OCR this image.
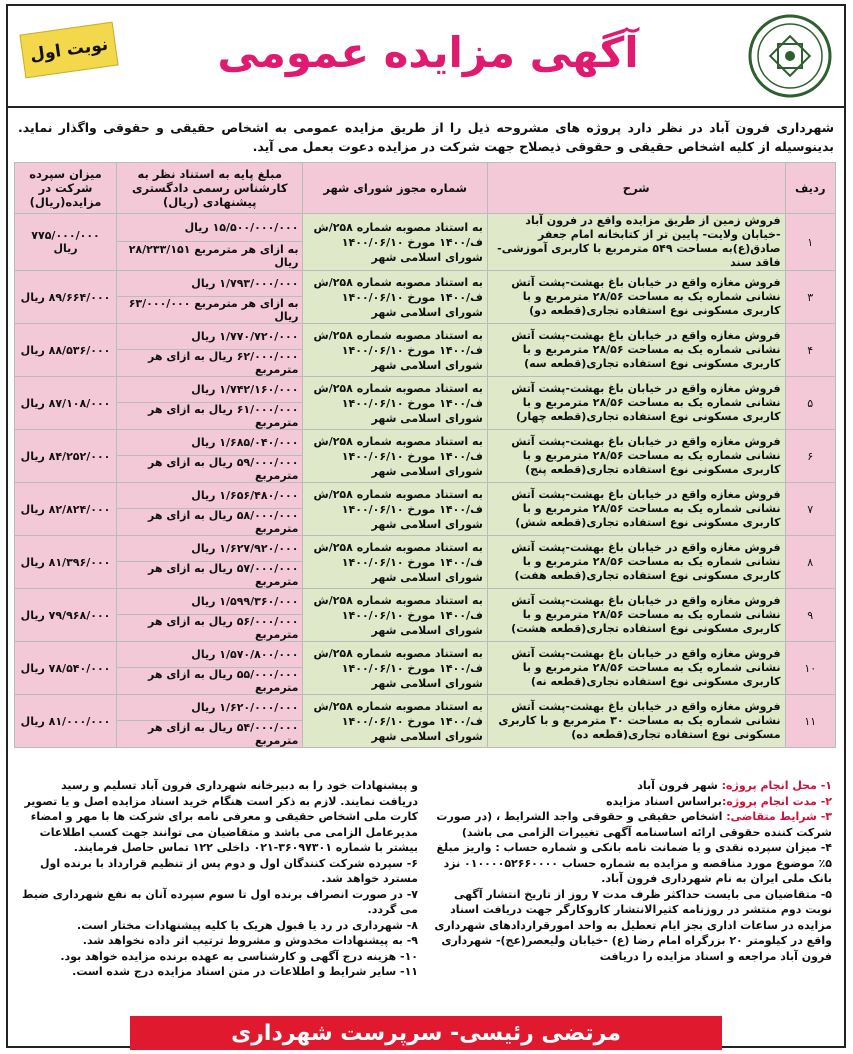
آگهی مزایده عمومی
نوبت اول
شهرداری فرون آباد در نظر دارد پروژه های مشروحه ذیل را از طریق مزایده عمومی به اشخاص حقیقی و حقوقی واگذار نماید. بدینوسیله از کلیه اشخاص حقیقی و حقوقی ذیصلاح جهت شرکت در مزایده دعوت بعمل می آید.
ردیف	شرح	شماره مجوز شورای شهر	مبلغ پایه به استناد نظر به کارشناس رسمی دادگستری پیشنهادی (ریال)	میزان سپرده شرکت در مزایده(ریال)
۱	فروش زمین از طریق مزایده واقع در فرون آباد -خیابان ولایت- پایین تر از کتابخانه امام جعفر صادق(ع)به مساحت ۵۴۹ مترمربع با کاربری آموزشی-فاقد سند	به استناد مصوبه شماره ۲۵۸/ش ف/۱۴۰۰ مورخ ۱۴۰۰/۰۶/۱۰ شورای اسلامی شهر	۱۵/۵۰۰/۰۰۰/۰۰۰ ریال	۷۷۵/۰۰۰/۰۰۰ ریال
			به ازای هر مترمربع ۲۸/۲۳۳/۱۵۱ ریال	
۳	فروش مغازه واقع در خیابان باغ بهشت-پشت آتش نشانی شماره یک به مساحت ۲۸/۵۶ مترمربع و با کاربری مسکونی نوع استفاده تجاری(قطعه دو)	به استناد مصوبه شماره ۲۵۸/ش ف/۱۴۰۰ مورخ ۱۴۰۰/۰۶/۱۰ شورای اسلامی شهر	۱/۷۹۳/۰۰۰/۰۰۰ ریال	۸۹/۶۶۴/۰۰۰ ریال
			به ازای هر مترمربع ۶۳/۰۰۰/۰۰۰ ریال	
۴	فروش مغازه واقع در خیابان باغ بهشت-پشت آتش نشانی شماره یک به مساحت ۲۸/۵۶ مترمربع و با کاربری مسکونی نوع استفاده تجاری(قطعه سه)	به استناد مصوبه شماره ۲۵۸/ش ف/۱۴۰۰ مورخ ۱۴۰۰/۰۶/۱۰ شورای اسلامی شهر	۱/۷۷۰/۷۲۰/۰۰۰ ریال	۸۸/۵۳۶/۰۰۰ ریال
			۶۲/۰۰۰/۰۰۰ ریال به ازای هر مترمربع	
۵	فروش مغازه واقع در خیابان باغ بهشت-پشت آتش نشانی شماره یک به مساحت ۲۸/۵۶ مترمربع و با کاربری مسکونی نوع استفاده تجاری(قطعه چهار)	به استناد مصوبه شماره ۲۵۸/ش ف/۱۴۰۰ مورخ ۱۴۰۰/۰۶/۱۰ شورای اسلامی شهر	۱/۷۴۲/۱۶۰/۰۰۰ ریال	۸۷/۱۰۸/۰۰۰ ریال
			۶۱/۰۰۰/۰۰۰ ریال به ازای هر مترمربع	
۶	فروش مغازه واقع در خیابان باغ بهشت-پشت آتش نشانی شماره یک به مساحت ۲۸/۵۶ مترمربع و با کاربری مسکونی نوع استفاده تجاری(قطعه پنج)	به استناد مصوبه شماره ۲۵۸/ش ف/۱۴۰۰ مورخ ۱۴۰۰/۰۶/۱۰ شورای اسلامی شهر	۱/۶۸۵/۰۴۰/۰۰۰ ریال	۸۴/۲۵۲/۰۰۰ ریال
			۵۹/۰۰۰/۰۰۰ ریال به ازای هر مترمربع	
۷	فروش مغازه واقع در خیابان باغ بهشت-پشت آتش نشانی شماره یک به مساحت ۲۸/۵۶ مترمربع و با کاربری مسکونی نوع استفاده تجاری(قطعه شش)	به استناد مصوبه شماره ۲۵۸/ش ف/۱۴۰۰ مورخ ۱۴۰۰/۰۶/۱۰ شورای اسلامی شهر	۱/۶۵۶/۴۸۰/۰۰۰ ریال	۸۲/۸۲۴/۰۰۰ ریال
			۵۸/۰۰۰/۰۰۰ ریال به ازای هر مترمربع	
۸	فروش مغازه واقع در خیابان باغ بهشت-پشت آتش نشانی شماره یک به مساحت ۲۸/۵۶ مترمربع و با کاربری مسکونی نوع استفاده تجاری(قطعه هفت)	به استناد مصوبه شماره ۲۵۸/ش ف/۱۴۰۰ مورخ ۱۴۰۰/۰۶/۱۰ شورای اسلامی شهر	۱/۶۲۷/۹۲۰/۰۰۰ ریال	۸۱/۳۹۶/۰۰۰ ریال
			۵۷/۰۰۰/۰۰۰ ریال به ازای هر مترمربع	
۹	فروش مغازه واقع در خیابان باغ بهشت-پشت آتش نشانی شماره یک به مساحت ۲۸/۵۶ مترمربع و با کاربری مسکونی نوع استفاده تجاری(قطعه هشت)	به استناد مصوبه شماره ۲۵۸/ش ف/۱۴۰۰ مورخ ۱۴۰۰/۰۶/۱۰ شورای اسلامی شهر	۱/۵۹۹/۳۶۰/۰۰۰ ریال	۷۹/۹۶۸/۰۰۰ ریال
			۵۶/۰۰۰/۰۰۰ ریال به ازای هر مترمربع	
۱۰	فروش مغازه واقع در خیابان باغ بهشت-پشت آتش نشانی شماره یک به مساحت ۲۸/۵۶ مترمربع و با کاربری مسکونی نوع استفاده تجاری(قطعه نه)	به استناد مصوبه شماره ۲۵۸/ش ف/۱۴۰۰ مورخ ۱۴۰۰/۰۶/۱۰ شورای اسلامی شهر	۱/۵۷۰/۸۰۰/۰۰۰ ریال	۷۸/۵۴۰/۰۰۰ ریال
			۵۵/۰۰۰/۰۰۰ ریال به ازای هر مترمربع	
۱۱	فروش مغازه واقع در خیابان باغ بهشت-پشت آتش نشانی شماره یک به مساحت ۳۰ مترمربع و با کاربری مسکونی نوع استفاده تجاری(قطعه ده)	به استناد مصوبه شماره ۲۵۸/ش ف/۱۴۰۰ مورخ ۱۴۰۰/۰۶/۱۰ شورای اسلامی شهر	۱/۶۲۰/۰۰۰/۰۰۰ ریال	۸۱/۰۰۰/۰۰۰ ریال
			۵۴/۰۰۰/۰۰۰ ریال به ازای هر مترمربع	
۱- محل انجام پروژه: شهر فرون آباد
۲- مدت انجام پروژه:براساس اسناد مزایده
۳- شرایط متقاضی: اشخاص حقیقی و حقوقی واجد الشرایط ، (در صورت شرکت کننده حقوقی ارائه اساسنامه آگهی تغییرات الزامی می باشد)
۴- میزان سپرده نقدی و یا ضمانت نامه بانکی و شماره حساب : واریز مبلغ ۵٪ موضوع مورد مناقصه و مزایده به شماره حساب ۰۱۰۰۰۰۵۲۶۶۰۰۰۰ نزد بانک ملی ایران به نام شهرداری فرون آباد.
۵- متقاضیان می بایست حداکثر ظرف مدت ۷ روز از تاریخ انتشار آگهی نوبت دوم منتشر در روزنامه کثیرالانتشار کاروکارگر جهت دریافت اسناد مزایده در ساعات اداری بجز ایام تعطیل به واحد امورقراردادهای شهرداری واقع در کیلومتر ۲۰ بزرگراه امام رضا (ع) -خیابان ولیعصر(عج)- شهرداری فرون آباد مراجعه و اسناد مزایده را دریافت
و پیشنهادات خود را به دبیرخانه شهرداری فرون آباد تسلیم و رسید دریافت نمایند. لازم به ذکر است هنگام خرید اسناد مزایده اصل و یا تصویر کارت ملی اشخاص حقیقی و معرفی نامه برای شرکت ها با مهر و امضاء مدیرعامل الزامی می باشد و متقاضیان می توانند جهت کسب اطلاعات بیشتر با شماره ۳۶۰۹۷۳۰۱-۰۲۱ داخلی ۱۲۲ تماس حاصل فرمایند.
۶- سپرده شرکت کنندگان اول و دوم پس از تنظیم قرارداد با برنده اول مسترد خواهد شد.
۷- در صورت انصراف برنده اول تا سوم سپرده آنان به نفع شهرداری ضبط می گردد.
۸- شهرداری در رد یا قبول هریک یا کلیه پیشنهادات مختار است.
۹- به پیشنهادات مخدوش و مشروط ترتیب اثر داده نخواهد شد.
۱۰- هزینه درج آگهی و کارشناسی به عهده برنده مزایده خواهد بود.
۱۱- سایر شرایط و اطلاعات در متن اسناد مزایده درج شده است.
مرتضی رئیسی- سرپرست شهرداری
